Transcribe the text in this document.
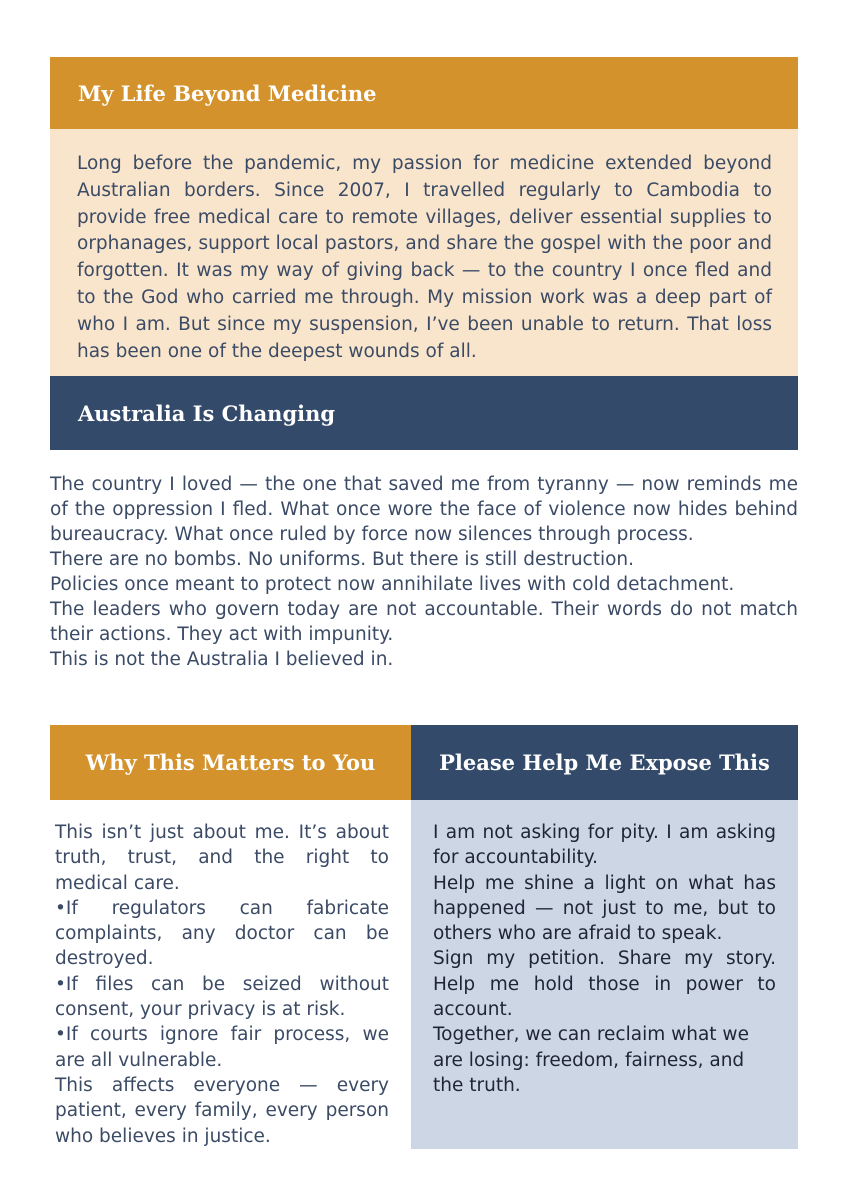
My Life Beyond Medicine

Long before the pandemic, my passion for medicine extended beyond Australian borders. Since 2007, I travelled regularly to Cambodia to provide free medical care to remote villages, deliver essential supplies to orphanages, support local pastors, and share the gospel with the poor and forgotten. It was my way of giving back — to the country I once fled and to the God who carried me through. My mission work was a deep part of who I am. But since my suspension, I’ve been unable to return. That loss has been one of the deepest wounds of all.

Australia Is Changing

The country I loved — the one that saved me from tyranny — now reminds me of the oppression I fled. What once wore the face of violence now hides behind bureaucracy. What once ruled by force now silences through process.

There are no bombs. No uniforms. But there is still destruction.

Policies once meant to protect now annihilate lives with cold detachment.

The leaders who govern today are not accountable. Their words do not match their actions. They act with impunity.

This is not the Australia I believed in.

Why This Matters to You	Please Help Me Expose This

This isn’t just about me. It’s about truth, trust, and the right to medical care.

•If regulators can fabricate complaints, any doctor can be destroyed.

•If files can be seized without consent, your privacy is at risk.

•If courts ignore fair process, we are all vulnerable.

This affects everyone — every patient, every family, every person who believes in justice.

I am not asking for pity. I am asking for accountability.

Help me shine a light on what has happened — not just to me, but to others who are afraid to speak.

Sign my petition. Share my story. Help me hold those in power to account.

Together, we can reclaim what we are losing: freedom, fairness, and the truth.
